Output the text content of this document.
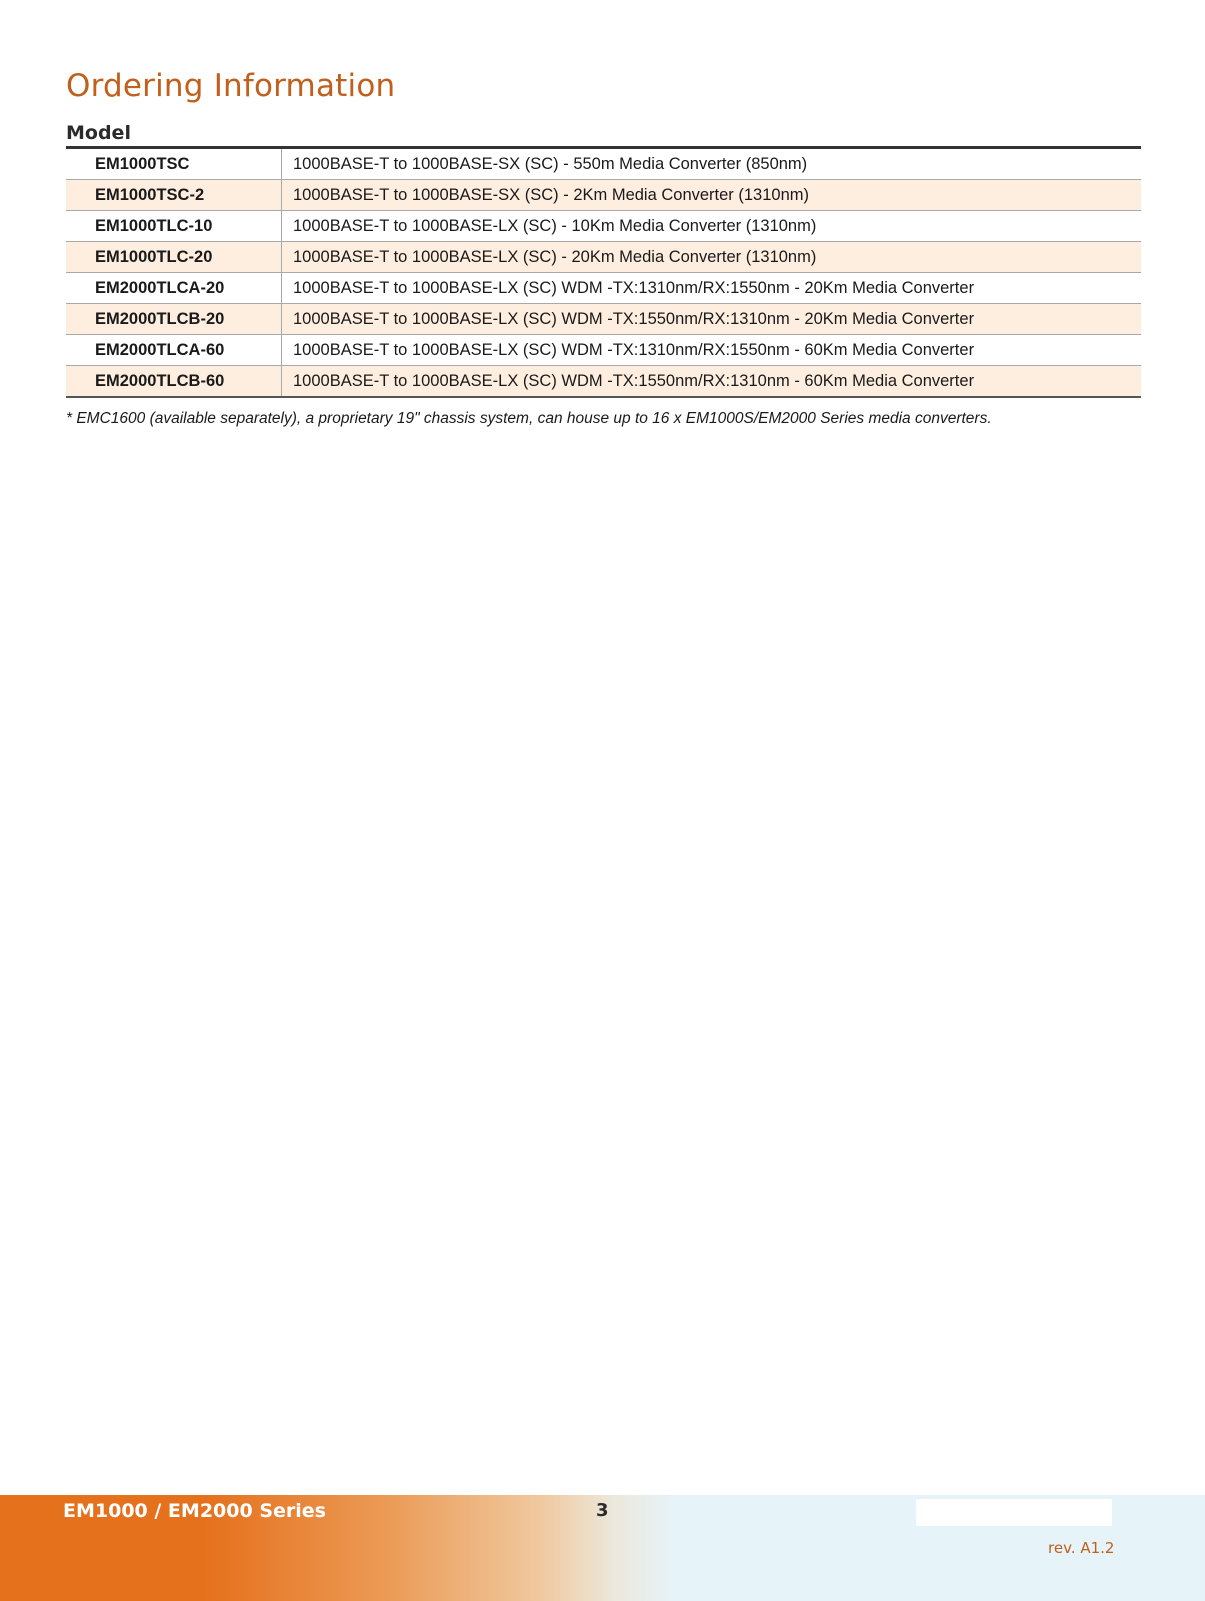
Ordering Information
Model
EM1000TSC	1000BASE-T to 1000BASE-SX (SC) - 550m Media Converter (850nm)
EM1000TSC-2	1000BASE-T to 1000BASE-SX (SC) - 2Km Media Converter (1310nm)
EM1000TLC-10	1000BASE-T to 1000BASE-LX (SC) - 10Km Media Converter (1310nm)
EM1000TLC-20	1000BASE-T to 1000BASE-LX (SC) - 20Km Media Converter (1310nm)
EM2000TLCA-20	1000BASE-T to 1000BASE-LX (SC) WDM -TX:1310nm/RX:1550nm - 20Km Media Converter
EM2000TLCB-20	1000BASE-T to 1000BASE-LX (SC) WDM -TX:1550nm/RX:1310nm - 20Km Media Converter
EM2000TLCA-60	1000BASE-T to 1000BASE-LX (SC) WDM -TX:1310nm/RX:1550nm - 60Km Media Converter
EM2000TLCB-60	1000BASE-T to 1000BASE-LX (SC) WDM -TX:1550nm/RX:1310nm - 60Km Media Converter
* EMC1600 (available separately), a proprietary 19" chassis system, can house up to 16 x EM1000S/EM2000 Series media converters.
EM1000 / EM2000 Series	3
rev. A1.2
